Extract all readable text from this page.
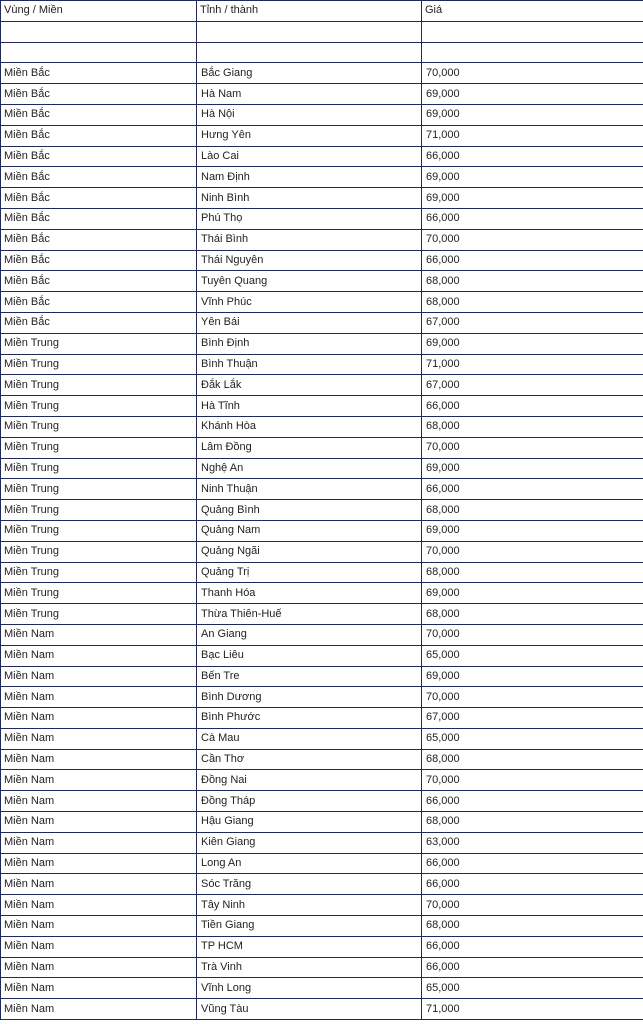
Vùng / Miền	Tỉnh / thành	Giá

Miền Bắc	Bắc Giang	70,000
Miền Bắc	Hà Nam	69,000
Miền Bắc	Hà Nội	69,000
Miền Bắc	Hưng Yên	71,000
Miền Bắc	Lào Cai	66,000
Miền Bắc	Nam Định	69,000
Miền Bắc	Ninh Bình	69,000
Miền Bắc	Phú Thọ	66,000
Miền Bắc	Thái Bình	70,000
Miền Bắc	Thái Nguyên	66,000
Miền Bắc	Tuyên Quang	68,000
Miền Bắc	Vĩnh Phúc	68,000
Miền Bắc	Yên Bái	67,000
Miền Trung	Bình Định	69,000
Miền Trung	Bình Thuận	71,000
Miền Trung	Đắk Lắk	67,000
Miền Trung	Hà Tĩnh	66,000
Miền Trung	Khánh Hòa	68,000
Miền Trung	Lâm Đồng	70,000
Miền Trung	Nghệ An	69,000
Miền Trung	Ninh Thuận	66,000
Miền Trung	Quảng Bình	68,000
Miền Trung	Quảng Nam	69,000
Miền Trung	Quảng Ngãi	70,000
Miền Trung	Quảng Trị	68,000
Miền Trung	Thanh Hóa	69,000
Miền Trung	Thừa Thiên-Huế	68,000
Miền Nam	An Giang	70,000
Miền Nam	Bạc Liêu	65,000
Miền Nam	Bến Tre	69,000
Miền Nam	Bình Dương	70,000
Miền Nam	Bình Phước	67,000
Miền Nam	Cà Mau	65,000
Miền Nam	Cần Thơ	68,000
Miền Nam	Đồng Nai	70,000
Miền Nam	Đồng Tháp	66,000
Miền Nam	Hậu Giang	68,000
Miền Nam	Kiên Giang	63,000
Miền Nam	Long An	66,000
Miền Nam	Sóc Trăng	66,000
Miền Nam	Tây Ninh	70,000
Miền Nam	Tiền Giang	68,000
Miền Nam	TP HCM	66,000
Miền Nam	Trà Vinh	66,000
Miền Nam	Vĩnh Long	65,000
Miền Nam	Vũng Tàu	71,000
